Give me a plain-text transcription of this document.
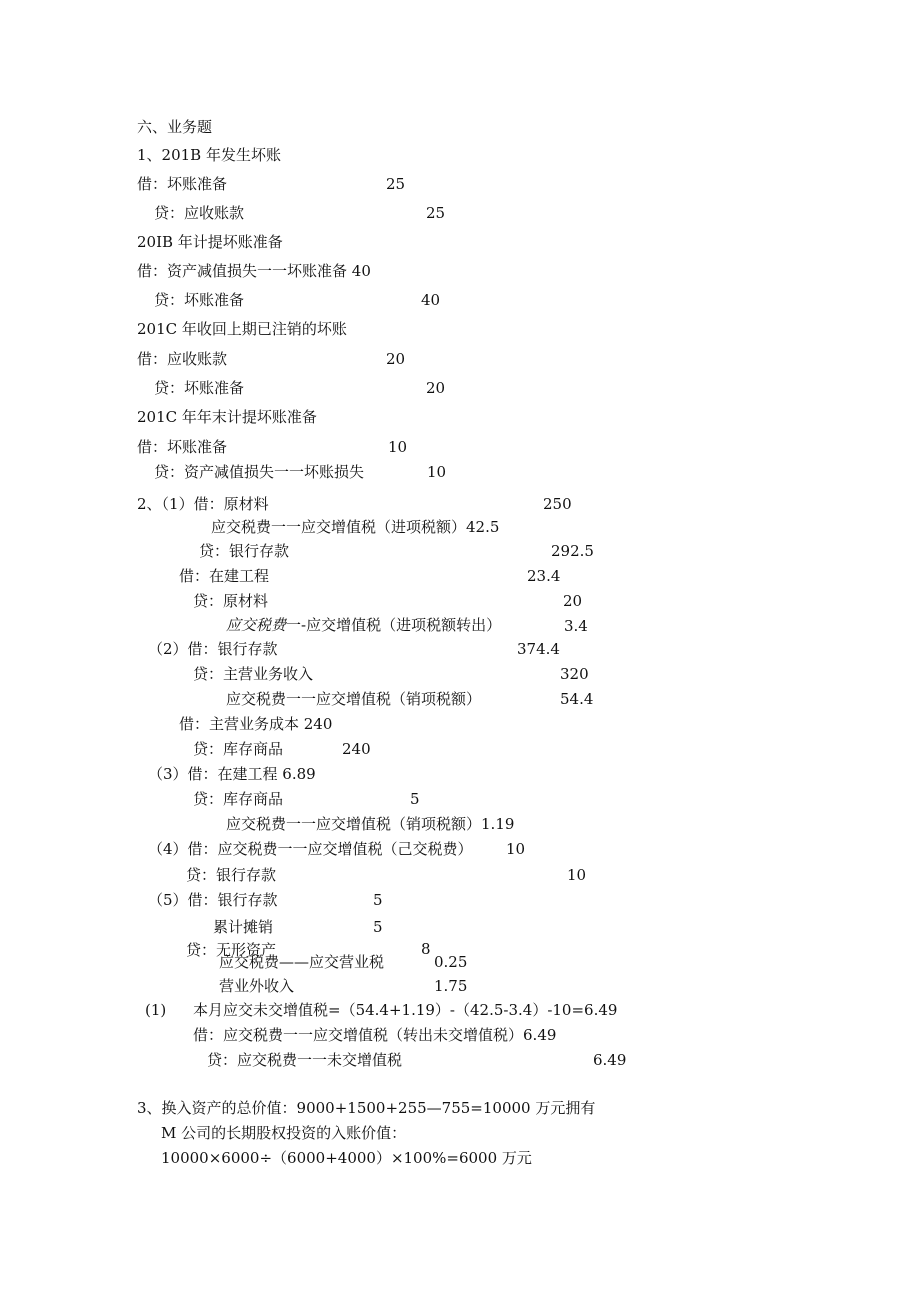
六、业务题
1、201B 年发生坏账
借：坏账准备	25
贷：应收账款	25
20IB 年计提坏账准备
借：资产减值损失一一坏账准备 40
贷：坏账准备	40
201C 年收回上期已注销的坏账
借：应收账款	20
贷：坏账准备	20
201C 年年末计提坏账准备
借：坏账准备	10
贷：资产减值损失一一坏账损失	10
2、（1）借：原材料	250
应交税费一一应交增值税（进项税额）42.5
贷：银行存款	292.5
借：在建工程	23.4
贷：原材料	20
应交税费一-应交增值税（进项税额转出）	3.4
（2）借：银行存款	374.4
贷：主营业务收入	320
应交税费一一应交增值税（销项税额）	54.4
借：主营业务成本 240
贷：库存商品	240
（3）借：在建工程 6.89
贷：库存商品	5
应交税费一一应交增值税（销项税额）1.19
（4）借：应交税费一一应交增值税（己交税费） 10
贷：银行存款	10
（5）借：银行存款	5
累计摊销	5
贷：无形资产	8
应交税费——应交营业税	0.25
营业外收入	1.75
(1) 本月应交未交增值税=（54.4+1.19）-（42.5-3.4）-10=6.49
借：应交税费一一应交增值税（转出未交增值税）6.49
贷：应交税费一一未交增值税	6.49
3、换入资产的总价值：9000+1500+255—755=10000 万元拥有
M 公司的长期股权投资的入账价值：
10000×6000÷（6000+4000）×100%=6000 万元
